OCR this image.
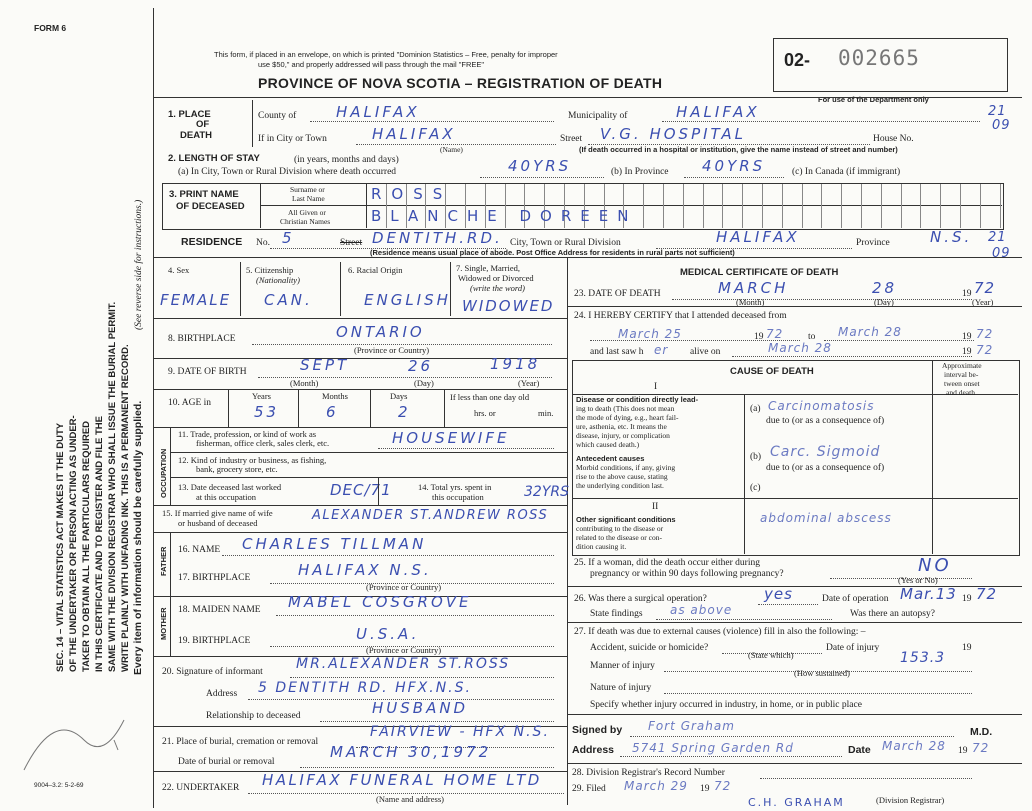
FORM 6
This form, if placed in an envelope, on which is printed "Dominion Statistics – Free, penalty for improper
use $50," and properly addressed will pass through the mail "FREE"
PROVINCE OF NOVA SCOTIA – REGISTRATION OF DEATH
02- 002665
For use of the Department only
21
09
SEC. 14 – VITAL STATISTICS ACT MAKES IT THE DUTY OF THE UNDERTAKER OR PERSON ACTING AS UNDER- TAKER TO OBTAIN ALL THE PARTICULARS REQUIRED IN THIS CERTIFICATE AND TO REGISTER AND FILE THE SAME WITH THE DIVISION REGISTRAR WHO SHALL ISSUE THE BURIAL PERMIT. WRITE PLAINLY WITH UNFADING INK. THIS IS A PERMANENT RECORD.
(See reverse side for instructions.)
Every item of information should be carefully supplied.
9004–3.2: 5-2-69
1. PLACE
OF
DEATH
County of	HALIFAX	Municipality of	HALIFAX
If in City or Town	HALIFAX
(Name)
Street V.G. HOSPITAL	House No.
(If death occurred in a hospital or institution, give the name instead of street and number)
2. LENGTH OF STAY	(in years, months and days)
(a) In City, Town or Rural Division where death occurred	40YRS	(b) In Province 40YRS	(c) In Canada (if immigrant)
3. PRINT NAME
OF DECEASED
Surname or
Last Name
All Given or
Christian Names
ROSS
BLANCHE DOREEN
RESIDENCE No. 5	Street DENTITH.RD. City, Town or Rural Division	HALIFAX	Province	N.S. 21
09
(Residence means usual place of abode. Post Office Address for residents in rural parts not sufficient)
4. Sex
FEMALE
5. Citizenship
(Nationality)
CAN.
6. Racial Origin
ENGLISH
7. Single, Married,
Widowed or Divorced
(write the word)
WIDOWED
8. BIRTHPLACE	ONTARIO
(Province or Country)
9. DATE OF BIRTH	SEPT	26	1918
(Month)	(Day)	(Year)
10. AGE in
Years	Months	Days
53	6	2
If less than one day old
hrs. or	min.
OCCUPATION
11. Trade, profession, or kind of work as
fisherman, office clerk, sales clerk, etc.	HOUSEWIFE
12. Kind of industry or business, as fishing,
bank, grocery store, etc.
13. Date deceased last worked
at this occupation	DEC/71	14. Total yrs. spent in
this occupation	32YRS
15. If married give name of wife
or husband of deceased	ALEXANDER ST.ANDREW ROSS
FATHER 16. NAME CHARLES TILLMAN
17. BIRTHPLACE	HALIFAX N.S.
(Province or Country)
MOTHER 18. MAIDEN NAME MABEL COSGROVE
19. BIRTHPLACE	U.S.A.
(Province or Country)
20. Signature of informant MR.ALEXANDER ST.ROSS
Address 5 DENTITH RD. HFX.N.S.
Relationship to deceased	HUSBAND
21. Place of burial, cremation or removal
FAIRVIEW - HFX N.S.
Date of burial or removal
MARCH 30,1972
22. UNDERTAKER HALIFAX FUNERAL HOME LTD
(Name and address)
MEDICAL CERTIFICATE OF DEATH
23. DATE OF DEATH	MARCH	28	19 72
(Month)	(Day)	(Year)
24. I HEREBY CERTIFY that I attended deceased from
March 25	19 72	to March 28	19 72
and last saw h er alive on	March 28	19 72
CAUSE OF DEATH
Approximate
interval be-
tween onset
and death
I
Disease or condition directly lead-
ing to death (This does not mean
the mode of dying, e.g., heart fail-
ure, asthenia, etc. It means the
disease, injury, or complication
which caused death.)
(a) Carcinomatosis
due to (or as a consequence of)
Antecedent causes
Morbid conditions, if any, giving
rise to the above cause, stating
the underlying condition last.
(b) Carc. Sigmoid
due to (or as a consequence of)
(c)
II
Other significant conditions
contributing to the disease or
related to the disease or con-
dition causing it.
abdominal abscess
25. If a woman, did the death occur either during
pregnancy or within 90 days following pregnancy?	NO
(Yes or No)
26. Was there a surgical operation?	yes	Date of operation Mar.13 19 72
State findings as above	Was there an autopsy?
27. If death was due to external causes (violence) fill in also the following: –
Accident, suicide or homicide?
(State which)
Date of injury	19
Manner of injury	153.3
(How sustained)
Nature of injury
Specify whether injury occurred in industry, in home, or in public place
Signed by Fort Graham	M.D.
Address 5741 Spring Garden Rd	Date March 28 19 72
28. Division Registrar's Record Number
29. Filed March 29 19 72
C.H. GRAHAM	(Division Registrar)
